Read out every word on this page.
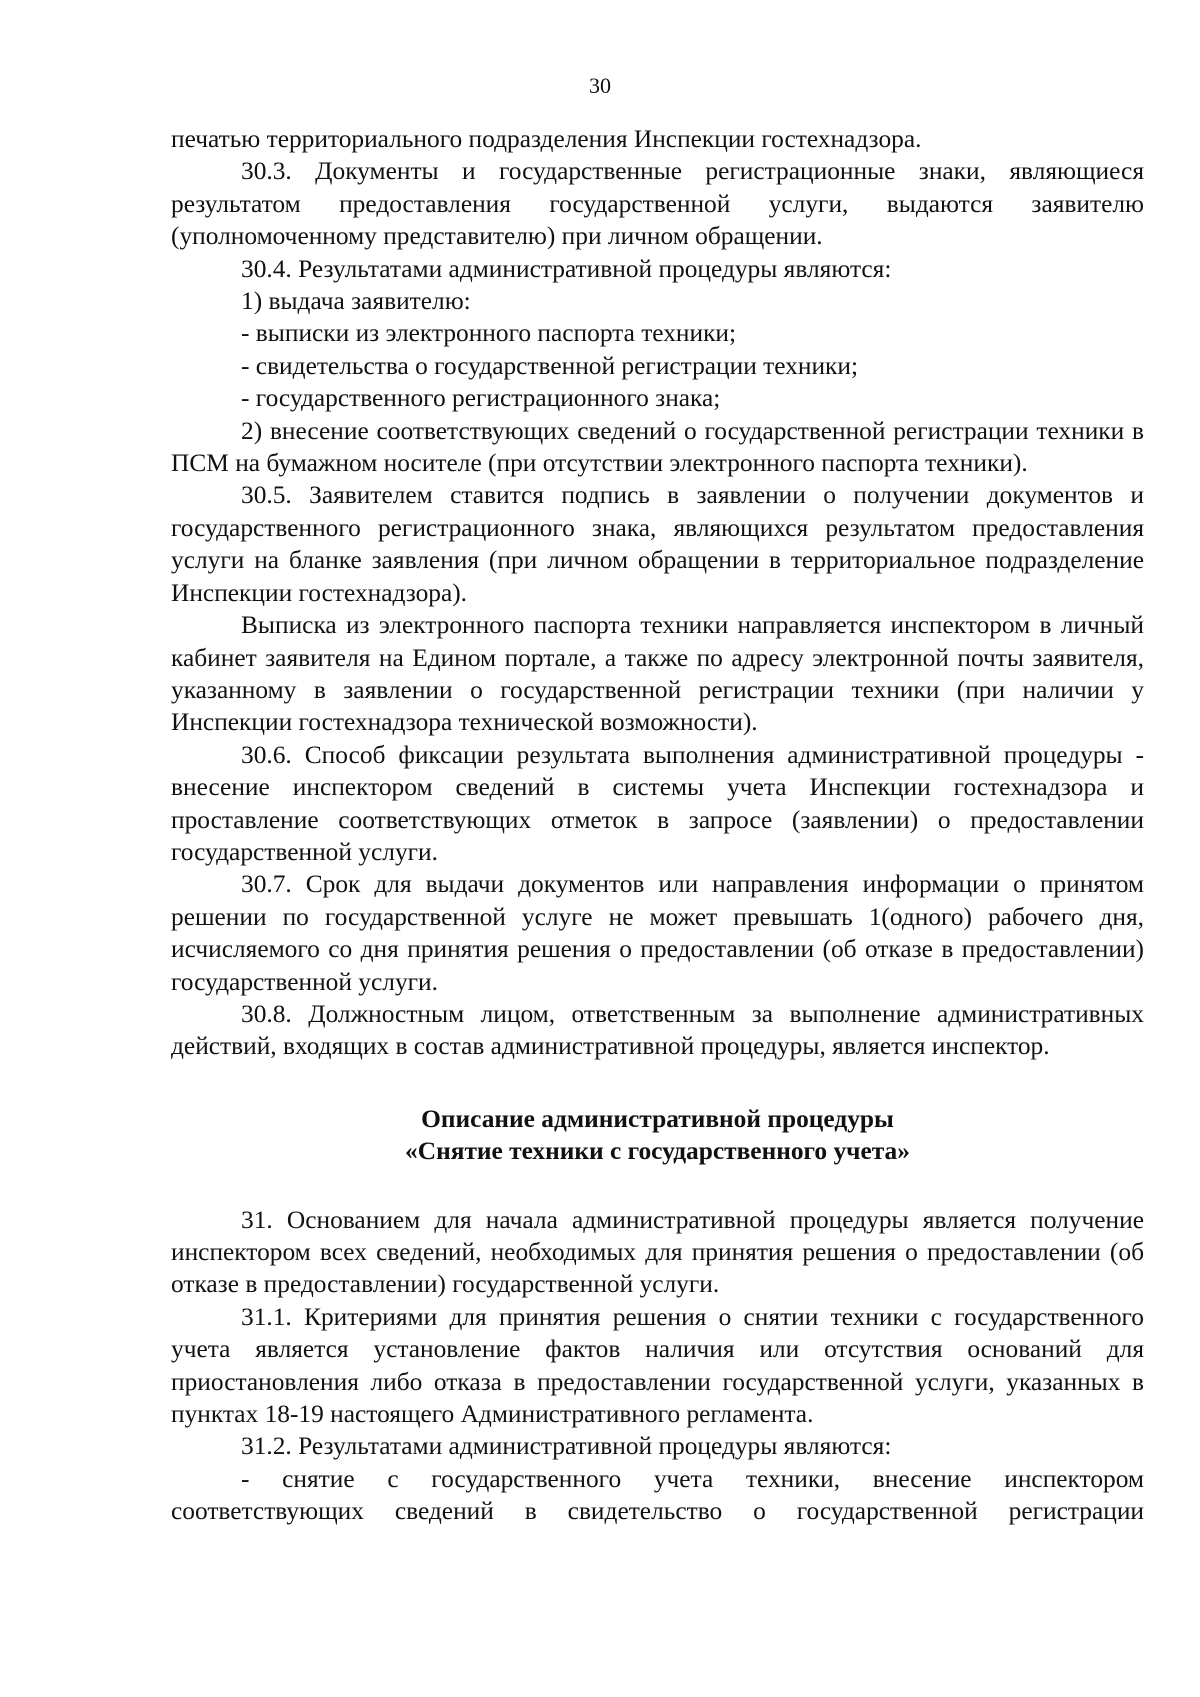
30

печатью территориального подразделения Инспекции гостехнадзора.

30.3. Документы и государственные регистрационные знаки, являющиеся результатом предоставления государственной услуги, выдаются заявителю (уполномоченному представителю) при личном обращении.

30.4. Результатами административной процедуры являются:

1) выдача заявителю:

- выписки из электронного паспорта техники;

- свидетельства о государственной регистрации техники;

- государственного регистрационного знака;

2) внесение соответствующих сведений о государственной регистрации техники в ПСМ на бумажном носителе (при отсутствии электронного паспорта техники).

30.5. Заявителем ставится подпись в заявлении о получении документов и государственного регистрационного знака, являющихся результатом предоставления услуги на бланке заявления (при личном обращении в территориальное подразделение Инспекции гостехнадзора).

Выписка из электронного паспорта техники направляется инспектором в личный кабинет заявителя на Едином портале, а также по адресу электронной почты заявителя, указанному в заявлении о государственной регистрации техники (при наличии у Инспекции гостехнадзора технической возможности).

30.6. Способ фиксации результата выполнения административной процедуры - внесение инспектором сведений в системы учета Инспекции гостехнадзора и проставление соответствующих отметок в запросе (заявлении) о предоставлении государственной услуги.

30.7. Срок для выдачи документов или направления информации о принятом решении по государственной услуге не может превышать 1(одного) рабочего дня, исчисляемого со дня принятия решения о предоставлении (об отказе в предоставлении) государственной услуги.

30.8. Должностным лицом, ответственным за выполнение административных действий, входящих в состав административной процедуры, является инспектор.

Описание административной процедуры
«Снятие техники с государственного учета»

31. Основанием для начала административной процедуры является получение инспектором всех сведений, необходимых для принятия решения о предоставлении (об отказе в предоставлении) государственной услуги.

31.1. Критериями для принятия решения о снятии техники с государственного учета является установление фактов наличия или отсутствия оснований для приостановления либо отказа в предоставлении государственной услуги, указанных в пунктах 18-19 настоящего Административного регламента.

31.2. Результатами административной процедуры являются:

- снятие с государственного учета техники, внесение инспектором соответствующих сведений в свидетельство о государственной регистрации
